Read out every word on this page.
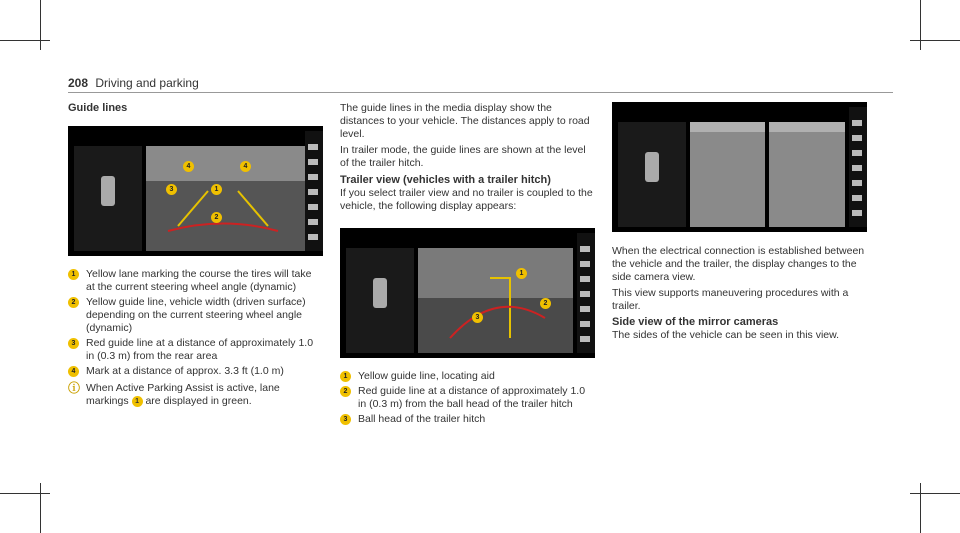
208 Driving and parking
Guide lines
4	4
1
3
2
1	Yellow lane marking the course the tires will take at the current steering wheel angle (dynamic)
2	Yellow guide line, vehicle width (driven surface) depending on the current steering wheel angle (dynamic)
3	Red guide line at a distance of approximately 1.0 in (0.3 m) from the rear area
4	Mark at a distance of approx. 3.3 ft (1.0 m)
ⓘ When Active Parking Assist is active, lane markings 1 are displayed in green.

The guide lines in the media display show the distances to your vehicle. The distances apply to road level.

In trailer mode, the guide lines are shown at the level of the trailer hitch.

Trailer view (vehicles with a trailer hitch)

If you select trailer view and no trailer is coupled to the vehicle, the following display appears:

1
2
3
1	Yellow guide line, locating aid
2	Red guide line at a distance of approximately 1.0 in (0.3 m) from the ball head of the trailer hitch
3	Ball head of the trailer hitch

When the electrical connection is established between the vehicle and the trailer, the display changes to the side camera view.

This view supports maneuvering procedures with a trailer.

Side view of the mirror cameras

The sides of the vehicle can be seen in this view.
